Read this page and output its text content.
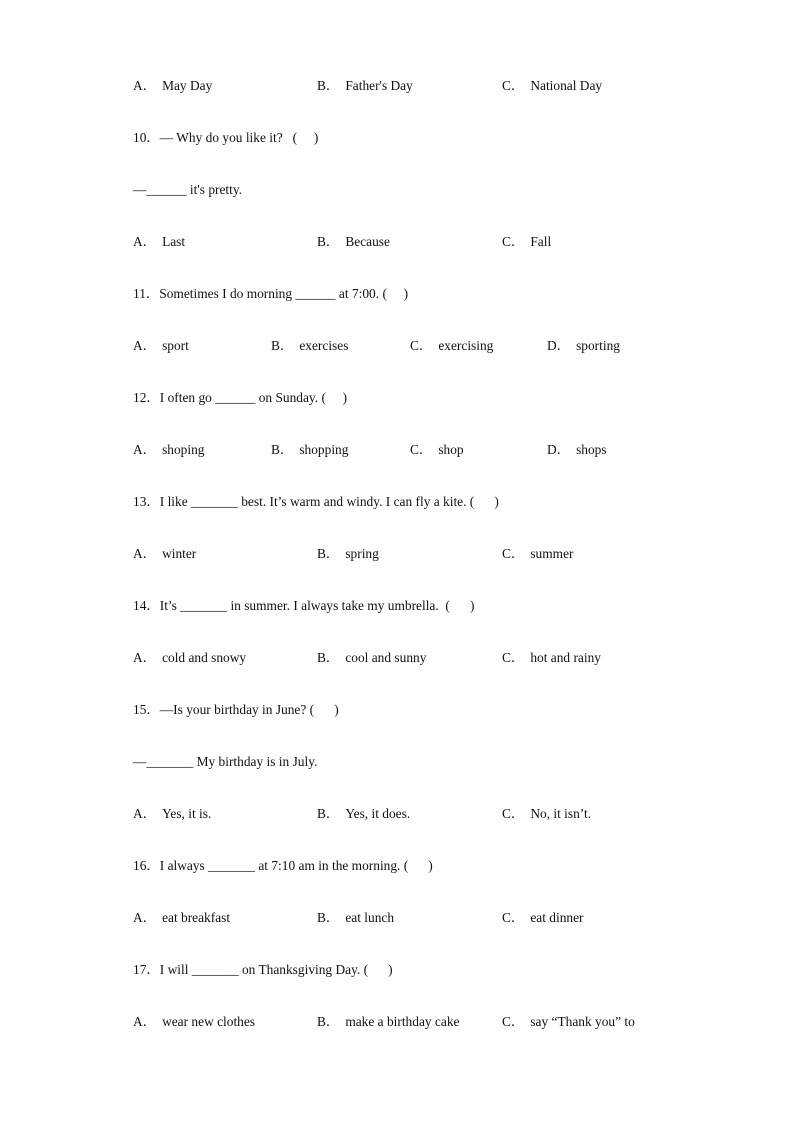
A． May Day	B． Father's Day	C． National Day
10．— Why do you like it?   (     )
—______ it's pretty.
A． Last	B． Because	C． Fall
11．Sometimes I do morning ______ at 7:00. (     )
A． sport	B． exercises	C． exercising	D． sporting
12．I often go ______ on Sunday. (     )
A． shoping	B． shopping	C． shop	D． shops
13．I like _______ best. It’s warm and windy. I can fly a kite. (      )
A． winter	B． spring	C． summer
14．It’s _______ in summer. I always take my umbrella.  (      )
A． cold and snowy	B． cool and sunny	C． hot and rainy
15．—Is your birthday in June? (      )
—_______ My birthday is in July.
A． Yes, it is.	B． Yes, it does.	C． No, it isn’t.
16．I always _______ at 7:10 am in the morning. (      )
A． eat breakfast	B． eat lunch	C． eat dinner
17．I will _______ on Thanksgiving Day. (      )
A． wear new clothes	B． make a birthday cake	C． say “Thank you” to
